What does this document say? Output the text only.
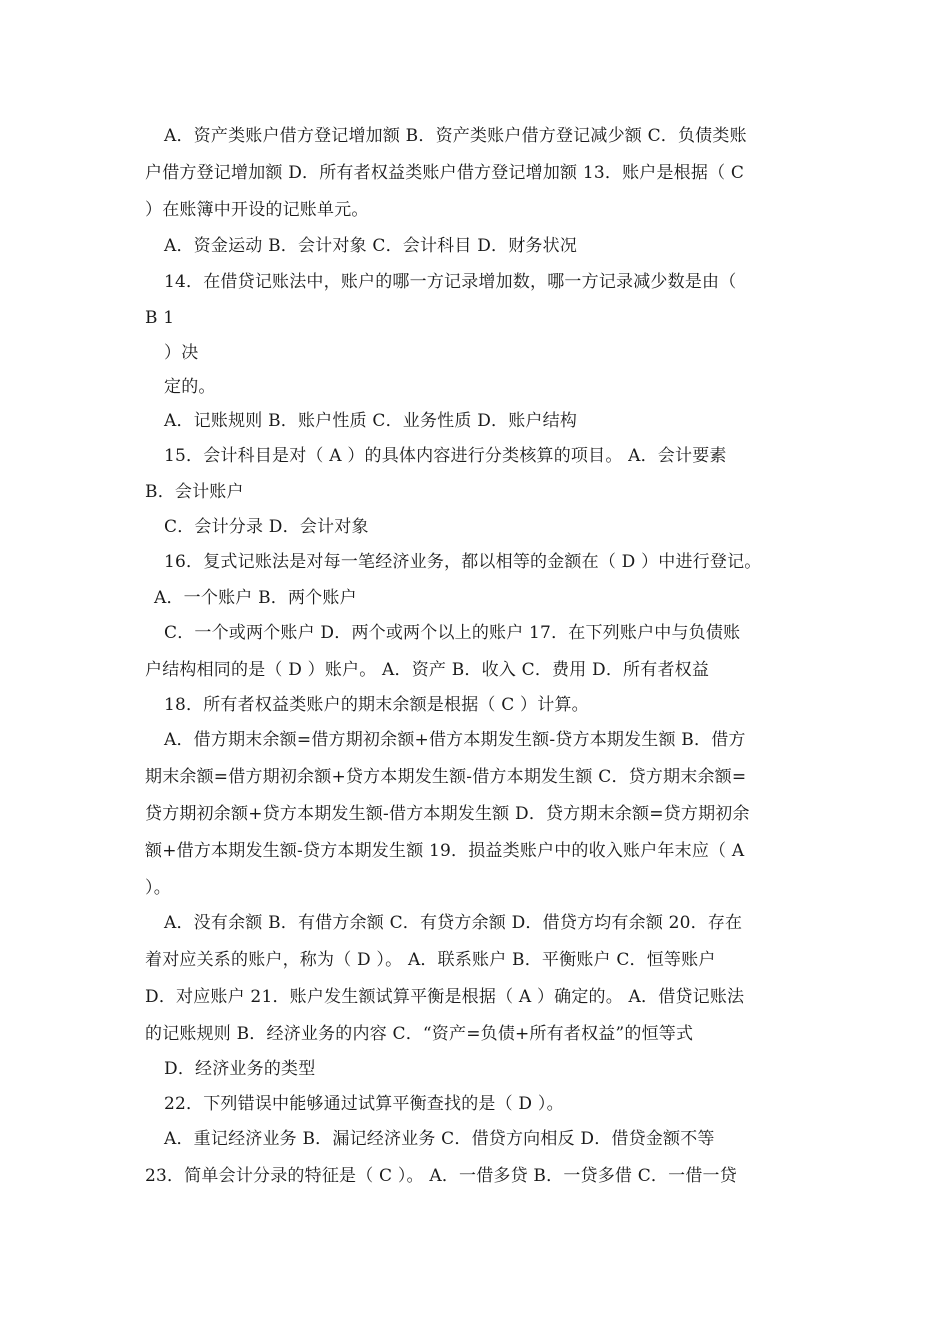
A．资产类账户借方登记增加额 B．资产类账户借方登记减少额 C．负债类账
户借方登记增加额 D．所有者权益类账户借方登记增加额 13．账户是根据（ C
）在账簿中开设的记账单元。
A．资金运动 B．会计对象 C．会计科目 D．财务状况
14．在借贷记账法中，账户的哪一方记录增加数，哪一方记录减少数是由（
B 1
）决
定的。
A．记账规则 B．账户性质 C．业务性质 D．账户结构
15．会计科目是对（ A ）的具体内容进行分类核算的项目。 A．会计要素
B．会计账户
C．会计分录 D．会计对象
16．复式记账法是对每一笔经济业务，都以相等的金额在（ D ）中进行登记。
A．一个账户 B．两个账户
C．一个或两个账户 D．两个或两个以上的账户 17．在下列账户中与负债账
户结构相同的是（ D ）账户。 A．资产 B．收入 C．费用 D．所有者权益
18．所有者权益类账户的期末余额是根据（ C ）计算。
A．借方期末余额=借方期初余额+借方本期发生额-贷方本期发生额 B．借方
期末余额=借方期初余额+贷方本期发生额-借方本期发生额 C．贷方期末余额=
贷方期初余额+贷方本期发生额-借方本期发生额 D．贷方期末余额=贷方期初余
额+借方本期发生额-贷方本期发生额 19．损益类账户中的收入账户年末应（ A
）。
A．没有余额 B．有借方余额 C．有贷方余额 D．借贷方均有余额 20．存在
着对应关系的账户，称为（ D ）。 A．联系账户 B．平衡账户 C．恒等账户
D．对应账户 21．账户发生额试算平衡是根据（ A ）确定的。 A．借贷记账法
的记账规则 B．经济业务的内容 C．“资产=负债+所有者权益”的恒等式
D．经济业务的类型
22．下列错误中能够通过试算平衡查找的是（ D ）。
A．重记经济业务 B．漏记经济业务 C．借贷方向相反 D．借贷金额不等
23．简单会计分录的特征是（ C ）。 A．一借多贷 B．一贷多借 C．一借一贷
